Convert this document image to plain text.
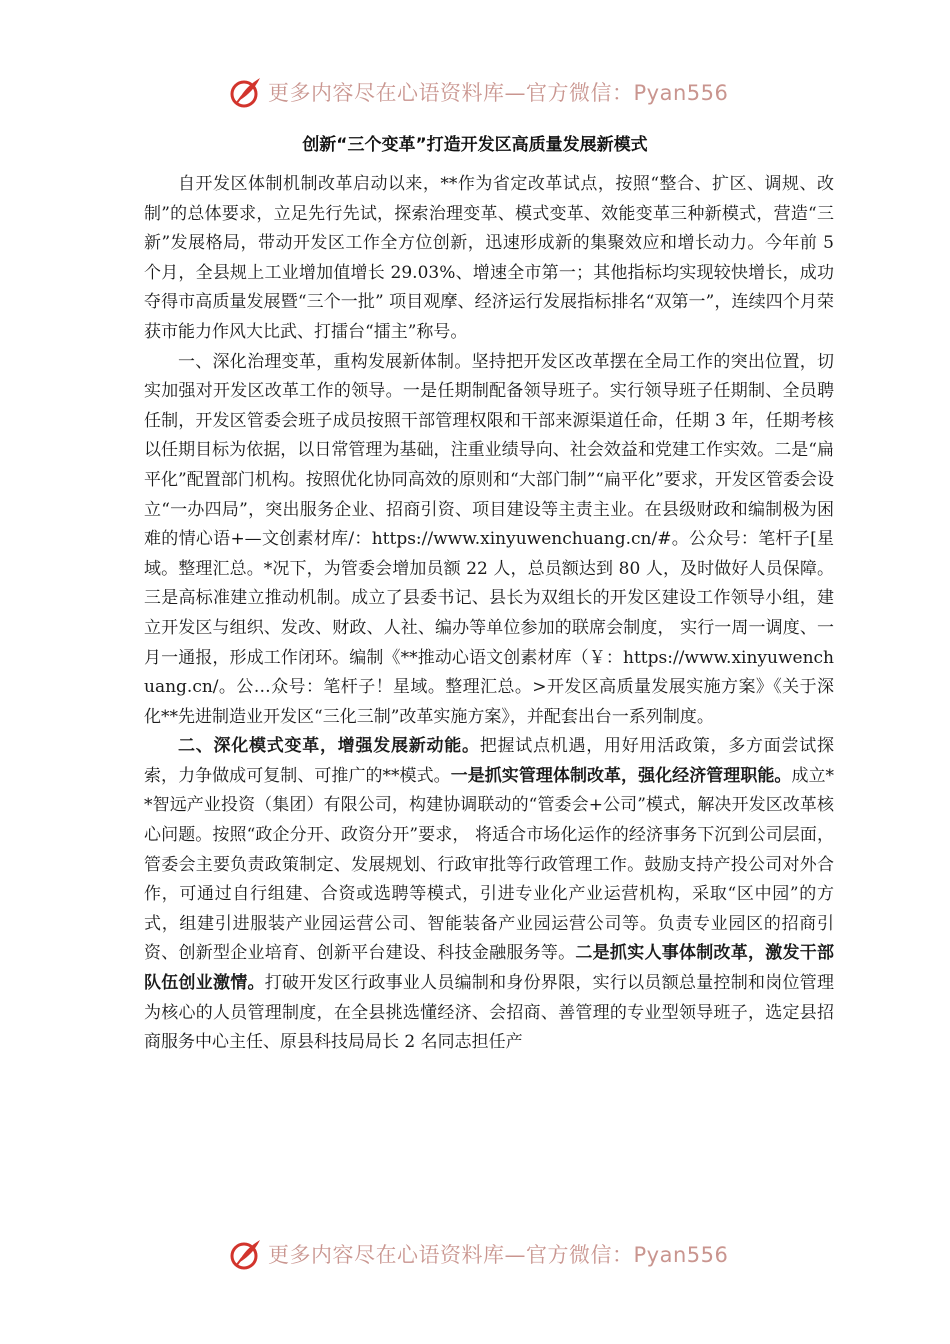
更多内容尽在心语资料库—官方微信：Pyan556
创新“三个变革”打造开发区高质量发展新模式

自开发区体制机制改革启动以来，**作为省定改革试点，按照“整合、扩区、调规、改制”的总体要求，立足先行先试，探索治理变革、模式变革、效能变革三种新模式，营造“三新”发展格局，带动开发区工作全方位创新，迅速形成新的集聚效应和增长动力。今年前 5 个月，全县规上工业增加值增长 29.03%、增速全市第一；其他指标均实现较快增长，成功夺得市高质量发展暨“三个一批” 项目观摩、经济运行发展指标排名“双第一”，连续四个月荣获市能力作风大比武、打擂台“擂主”称号。

一、深化治理变革，重构发展新体制。坚持把开发区改革摆在全局工作的突出位置，切实加强对开发区改革工作的领导。一是任期制配备领导班子。实行领导班子任期制、全员聘任制，开发区管委会班子成员按照干部管理权限和干部来源渠道任命，任期 3 年，任期考核以任期目标为依据，以日常管理为基础，注重业绩导向、社会效益和党建工作实效。二是“扁平化”配置部门机构。按照优化协同高效的原则和“大部门制”“扁平化”要求，开发区管委会设立“一办四局”，突出服务企业、招商引资、项目建设等主责主业。在县级财政和编制极为困难的情心语+—文创素材库/：https://www.xinyuwenchuang.cn/#。公众号：笔杆子[星域。整理汇总。*况下，为管委会增加员额 22 人，总员额达到 80 人，及时做好人员保障。三是高标准建立推动机制。成立了县委书记、县长为双组长的开发区建设工作领导小组，建立开发区与组织、发改、财政、人社、编办等单位参加的联席会制度， 实行一周一调度、一月一通报，形成工作闭环。编制《**推动心语文创素材库（￥：https://www.xinyuwenchuang.cn/。公…众号：笔杆子！星域。整理汇总。>开发区高质量发展实施方案》《关于深化**先进制造业开发区“三化三制”改革实施方案》，并配套出台一系列制度。

二、深化模式变革，增强发展新动能。把握试点机遇，用好用活政策，多方面尝试探索，力争做成可复制、可推广的**模式。一是抓实管理体制改革，强化经济管理职能。成立**智远产业投资（集团）有限公司，构建协调联动的“管委会+公司”模式，解决开发区改革核心问题。按照“政企分开、政资分开”要求， 将适合市场化运作的经济事务下沉到公司层面，管委会主要负责政策制定、发展规划、行政审批等行政管理工作。鼓励支持产投公司对外合作，可通过自行组建、合资或选聘等模式，引进专业化产业运营机构，采取“区中园”的方式，组建引进服装产业园运营公司、智能装备产业园运营公司等。负责专业园区的招商引资、创新型企业培育、创新平台建设、科技金融服务等。二是抓实人事体制改革，激发干部队伍创业激情。打破开发区行政事业人员编制和身份界限，实行以员额总量控制和岗位管理为核心的人员管理制度，在全县挑选懂经济、会招商、善管理的专业型领导班子，选定县招商服务中心主任、原县科技局局长 2 名同志担任产

更多内容尽在心语资料库—官方微信：Pyan556
